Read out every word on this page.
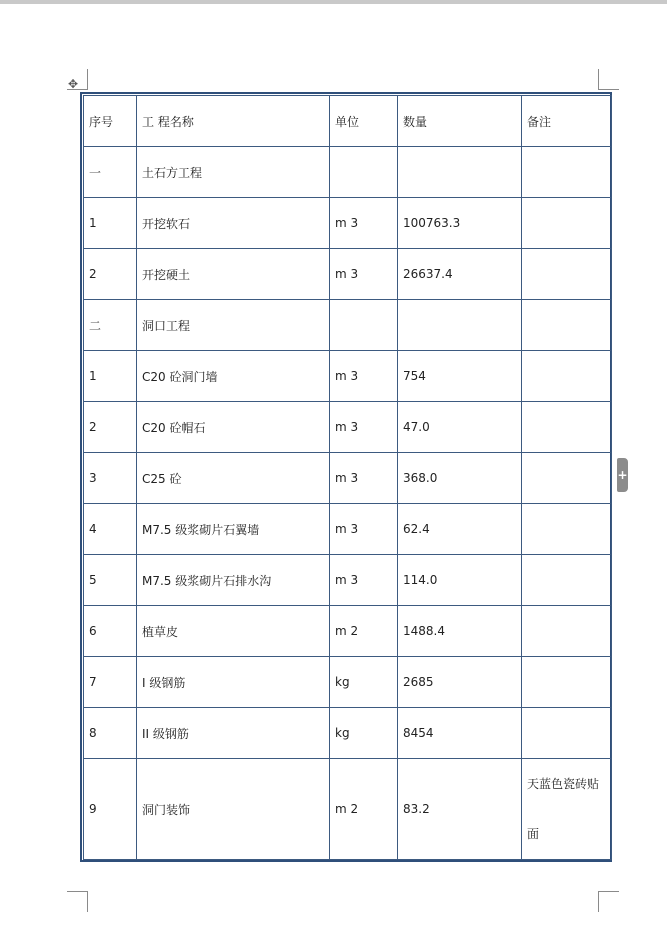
✥
序号	工 程名称	单位	数量	备注
一	土石方工程			
1	开挖软石	m 3	100763.3	
2	开挖硬土	m 3	26637.4	
二	洞口工程			
1	C20 砼洞门墙	m 3	754	
2	C20 砼帽石	m 3	47.0	
3	C25 砼	m 3	368.0	
4	M7.5 级浆砌片石翼墙	m 3	62.4	
5	M7.5 级浆砌片石排水沟	m 3	114.0	
6	植草皮	m 2	1488.4	
7	I 级钢筋	kg	2685	
8	II 级钢筋	kg	8454	
9	洞门装饰	m 2	83.2	天蓝色瓷砖贴面
+
